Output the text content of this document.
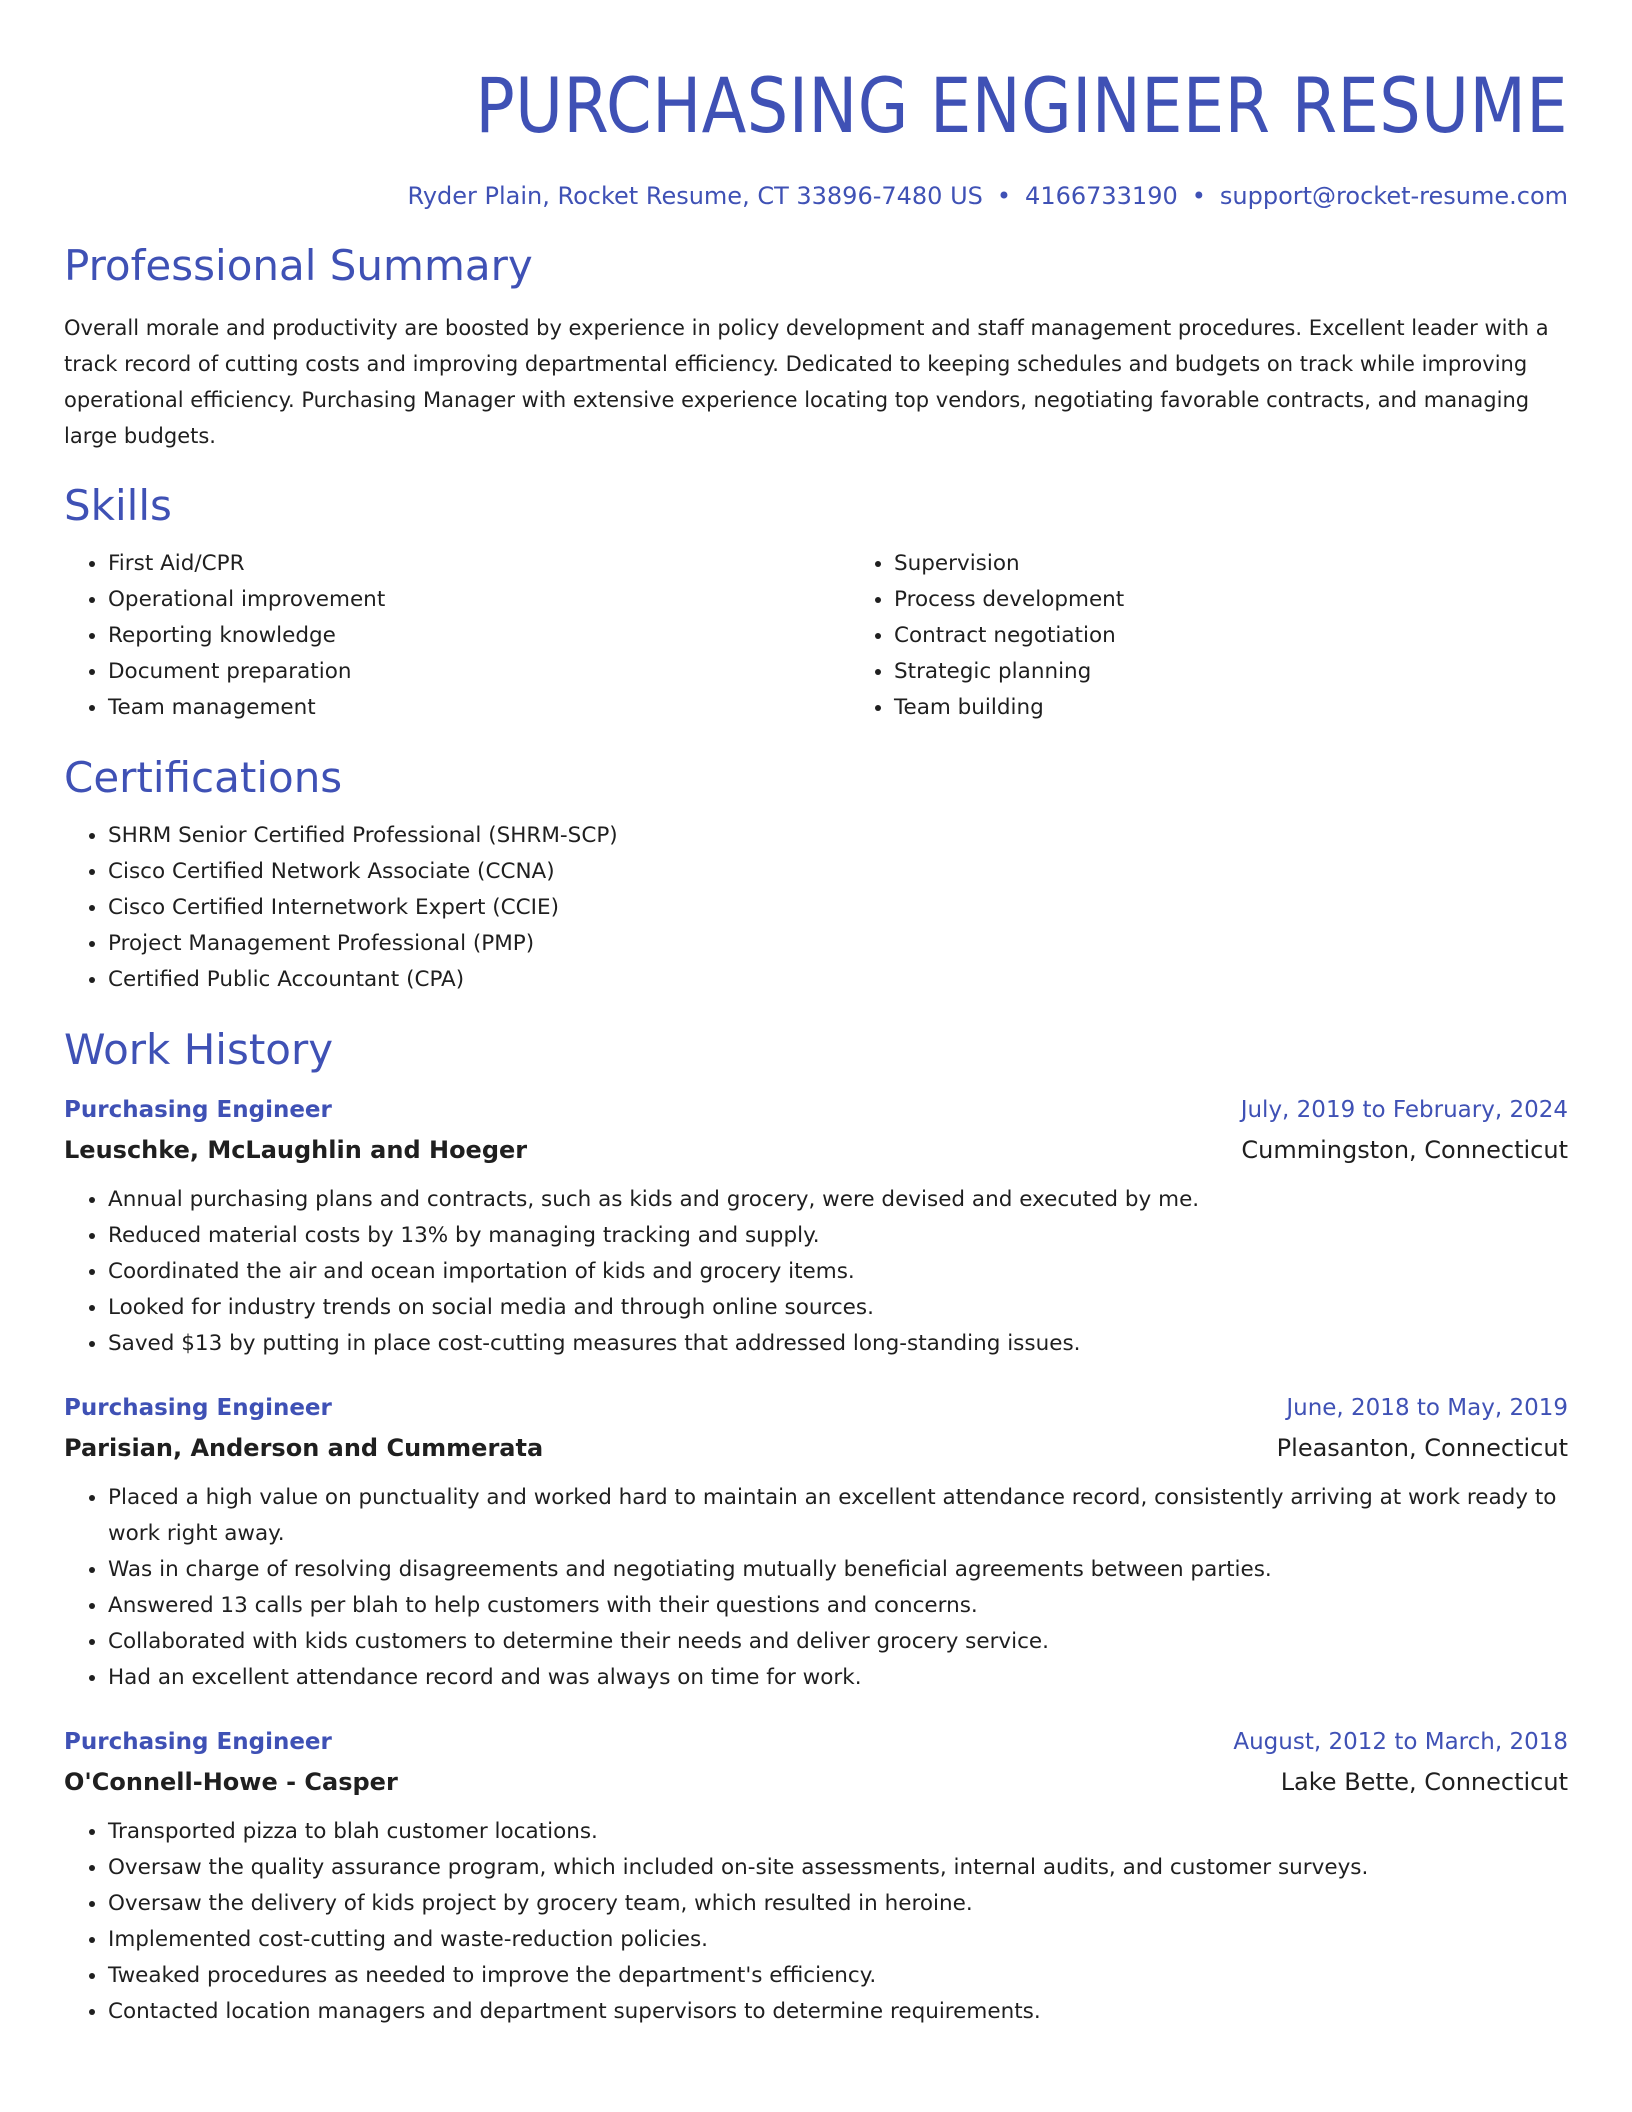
PURCHASING ENGINEER RESUME
Ryder Plain, Rocket Resume, CT 33896-7480 US • 4166733190 • support@rocket-resume.com
Professional Summary

Overall morale and productivity are boosted by experience in policy development and staff management procedures. Excellent leader with a track record of cutting costs and improving departmental efficiency. Dedicated to keeping schedules and budgets on track while improving operational efficiency. Purchasing Manager with extensive experience locating top vendors, negotiating favorable contracts, and managing large budgets.

Skills
• First Aid/CPR
• Operational improvement
• Reporting knowledge
• Document preparation
• Team management
• Supervision
• Process development
• Contract negotiation
• Strategic planning
• Team building
Certifications
• SHRM Senior Certified Professional (SHRM-SCP)
• Cisco Certified Network Associate (CCNA)
• Cisco Certified Internetwork Expert (CCIE)
• Project Management Professional (PMP)
• Certified Public Accountant (CPA)
Work History
Purchasing Engineer	July, 2019 to February, 2024
Leuschke, McLaughlin and Hoeger	Cummingston, Connecticut
• Annual purchasing plans and contracts, such as kids and grocery, were devised and executed by me.
• Reduced material costs by 13% by managing tracking and supply.
• Coordinated the air and ocean importation of kids and grocery items.
• Looked for industry trends on social media and through online sources.
• Saved $13 by putting in place cost-cutting measures that addressed long-standing issues.
Purchasing Engineer	June, 2018 to May, 2019
Parisian, Anderson and Cummerata	Pleasanton, Connecticut
• Placed a high value on punctuality and worked hard to maintain an excellent attendance record, consistently arriving at work ready to work right away.
• Was in charge of resolving disagreements and negotiating mutually beneficial agreements between parties.
• Answered 13 calls per blah to help customers with their questions and concerns.
• Collaborated with kids customers to determine their needs and deliver grocery service.
• Had an excellent attendance record and was always on time for work.
Purchasing Engineer	August, 2012 to March, 2018
O'Connell-Howe - Casper	Lake Bette, Connecticut
• Transported pizza to blah customer locations.
• Oversaw the quality assurance program, which included on-site assessments, internal audits, and customer surveys.
• Oversaw the delivery of kids project by grocery team, which resulted in heroine.
• Implemented cost-cutting and waste-reduction policies.
• Tweaked procedures as needed to improve the department's efficiency.
• Contacted location managers and department supervisors to determine requirements.
